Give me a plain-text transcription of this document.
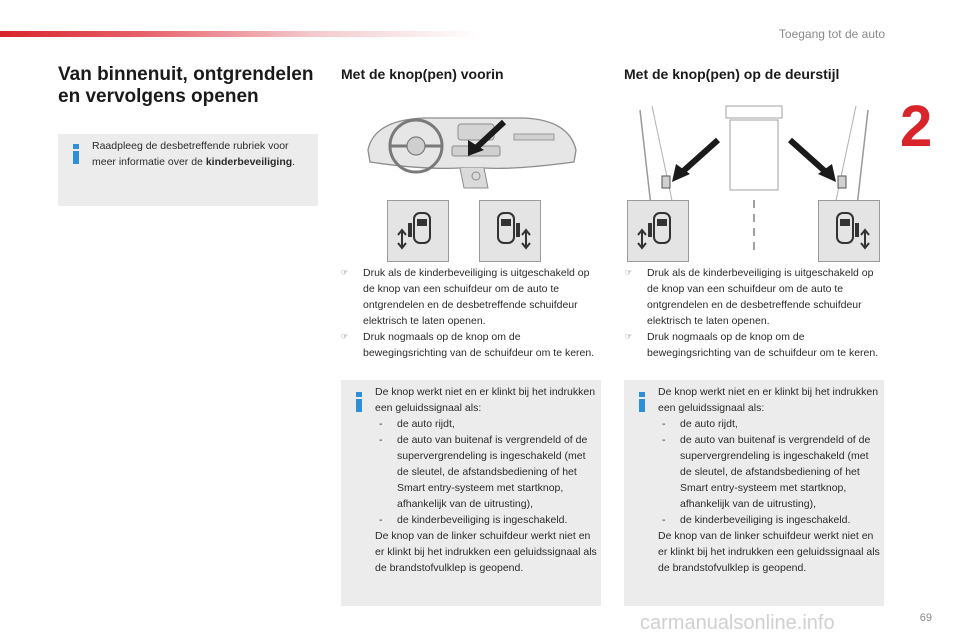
Toegang tot de auto
2
Van binnenuit, ontgrendelen en vervolgens openen
Raadpleeg de desbetreffende rubriek voor meer informatie over de kinderbeveiliging.
Met de knop(pen) voorin
☞ Druk als de kinderbeveiliging is uitgeschakeld op de knop van een schuifdeur om de auto te ontgrendelen en de desbetreffende schuifdeur elektrisch te laten openen.
☞ Druk nogmaals op de knop om de bewegingsrichting van de schuifdeur om te keren.
De knop werkt niet en er klinkt bij het indrukken een geluidssignaal als:
- de auto rijdt,
- de auto van buitenaf is vergrendeld of de supervergrendeling is ingeschakeld (met de sleutel, de afstandsbediening of het Smart entry-systeem met startknop, afhankelijk van de uitrusting),
- de kinderbeveiliging is ingeschakeld.
De knop van de linker schuifdeur werkt niet en er klinkt bij het indrukken een geluidssignaal als de brandstofvulklep is geopend.
Met de knop(pen) op de deurstijl
☞ Druk als de kinderbeveiliging is uitgeschakeld op de knop van een schuifdeur om de auto te ontgrendelen en de desbetreffende schuifdeur elektrisch te laten openen.
☞ Druk nogmaals op de knop om de bewegingsrichting van de schuifdeur om te keren.
De knop werkt niet en er klinkt bij het indrukken een geluidssignaal als:
- de auto rijdt,
- de auto van buitenaf is vergrendeld of de supervergrendeling is ingeschakeld (met de sleutel, de afstandsbediening of het Smart entry-systeem met startknop, afhankelijk van de uitrusting),
- de kinderbeveiliging is ingeschakeld.
De knop van de linker schuifdeur werkt niet en er klinkt bij het indrukken een geluidssignaal als de brandstofvulklep is geopend.
carmanualsonline.info	69
